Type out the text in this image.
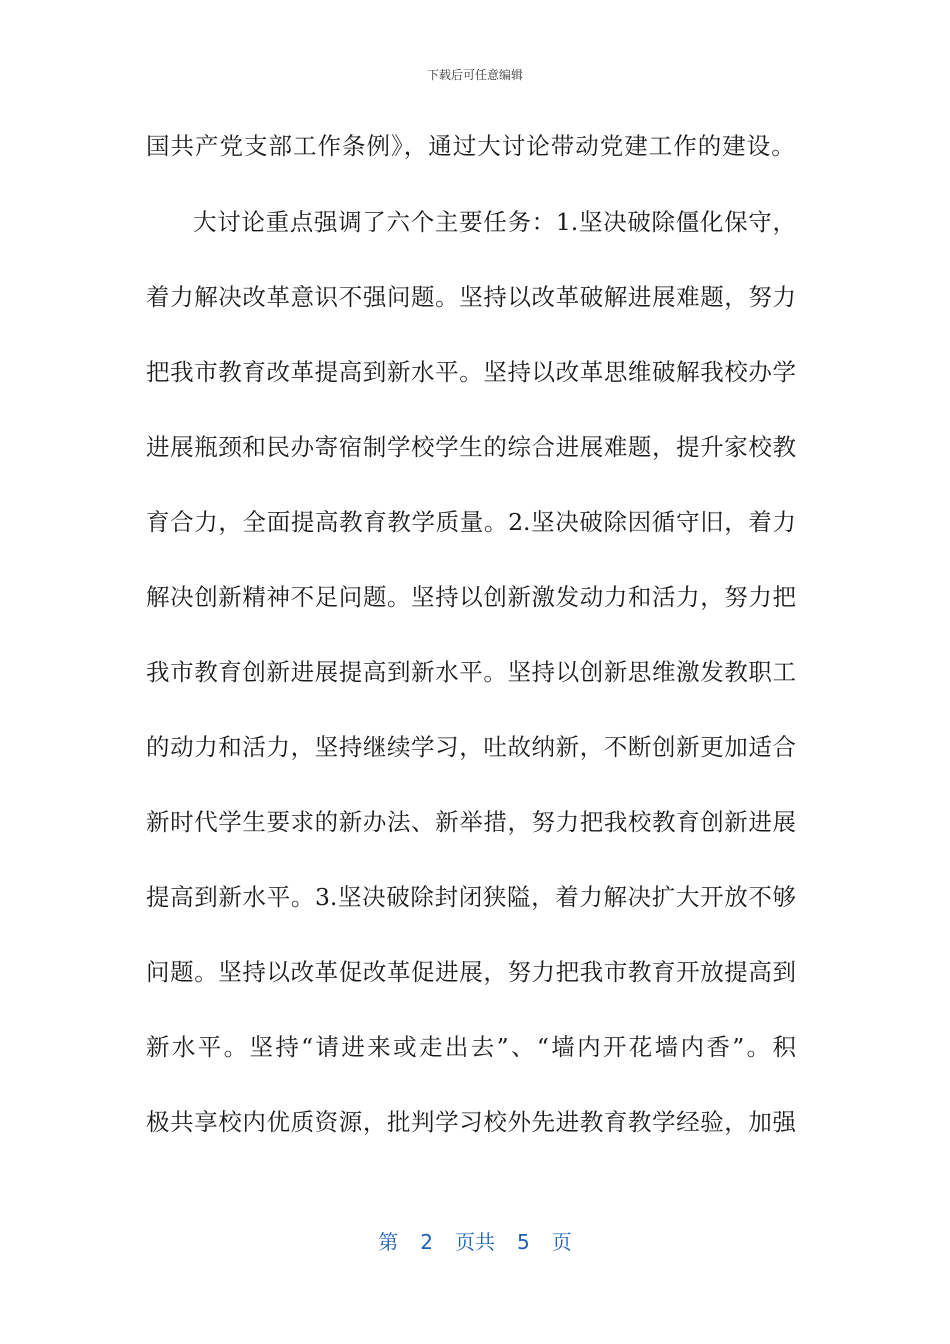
下载后可任意编辑
国共产党支部工作条例》，通过大讨论带动党建工作的建设。
大讨论重点强调了六个主要任务：1.坚决破除僵化保守，
着力解决改革意识不强问题。坚持以改革破解进展难题，努力
把我市教育改革提高到新水平。坚持以改革思维破解我校办学
进展瓶颈和民办寄宿制学校学生的综合进展难题，提升家校教
育合力，全面提高教育教学质量。2.坚决破除因循守旧，着力
解决创新精神不足问题。坚持以创新激发动力和活力，努力把
我市教育创新进展提高到新水平。坚持以创新思维激发教职工
的动力和活力，坚持继续学习，吐故纳新，不断创新更加适合
新时代学生要求的新办法、新举措，努力把我校教育创新进展
提高到新水平。3.坚决破除封闭狭隘，着力解决扩大开放不够
问题。坚持以改革促改革促进展，努力把我市教育开放提高到
新水平。坚持“请进来或走出去”、“墙内开花墙内香”。积
极共享校内优质资源，批判学习校外先进教育教学经验，加强
第 2 页共 5 页
